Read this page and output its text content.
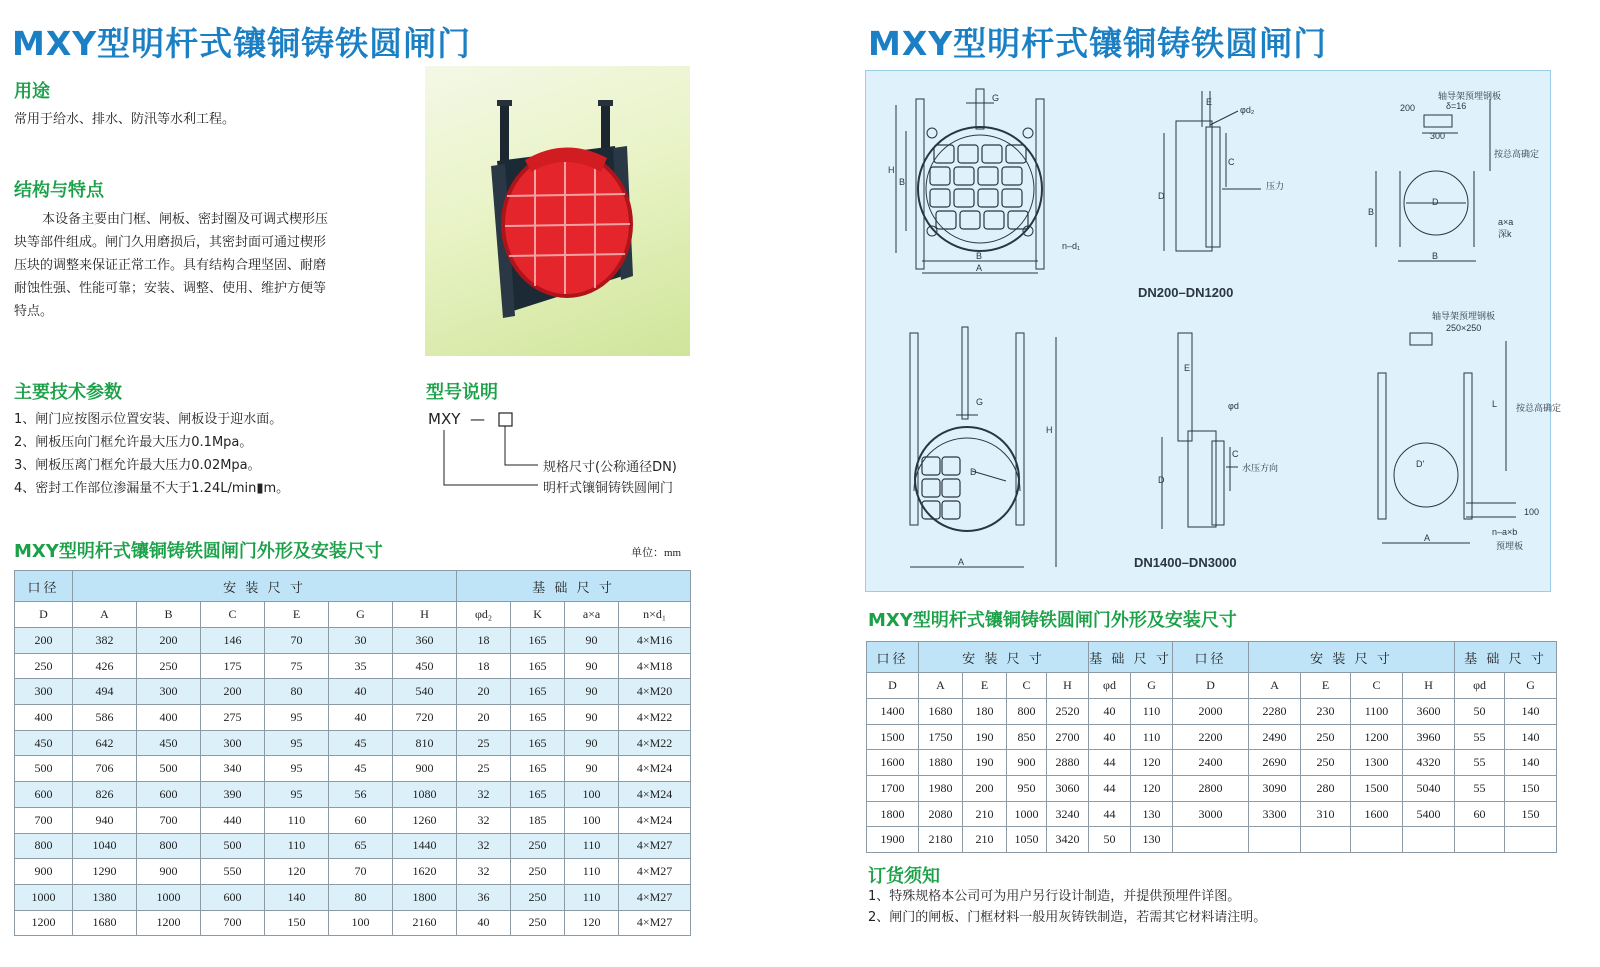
MXY型明杆式镶铜铸铁圆闸门
用途
常用于给水、排水、防汛等水利工程。
结构与特点
本设备主要由门框、闸板、密封圈及可调式楔形压
块等部件组成。闸门久用磨损后，其密封面可通过楔形
压块的调整来保证正常工作。具有结构合理坚固、耐磨
耐蚀性强、性能可靠；安装、调整、使用、维护方便等
特点。
主要技术参数
1、闸门应按图示位置安装、闸板设于迎水面。
2、闸板压向门框允许最大压力0.1Mpa。
3、闸板压离门框允许最大压力0.02Mpa。
4、密封工作部位渗漏量不大于1.24L/min▮m。
型号说明
MXY —
规格尺寸(公称通径DN)
明杆式镶铜铸铁圆闸门
MXY型明杆式镶铜铸铁圆闸门外形及安装尺寸	单位：mm
口径	安 装 尺 寸						基 础 尺 寸			
D	A	B	C	E	G	H	φd₂	K	a×a	n×d₁
200	382	200	146	70	30	360	18	165	90	4×M16
250	426	250	175	75	35	450	18	165	90	4×M18
300	494	300	200	80	40	540	20	165	90	4×M20
400	586	400	275	95	40	720	20	165	90	4×M22
450	642	450	300	95	45	810	25	165	90	4×M22
500	706	500	340	95	45	900	25	165	90	4×M24
600	826	600	390	95	56	1080	32	165	100	4×M24
700	940	700	440	110	60	1260	32	185	100	4×M24
800	1040	800	500	110	65	1440	32	250	110	4×M27
900	1290	900	550	120	70	1620	32	250	110	4×M27
1000	1380	1000	600	140	80	1800	36	250	110	4×M27
1200	1680	1200	700	150	100	2160	40	250	120	4×M27
MXY型明杆式镶铜铸铁圆闸门
G
H
B
B
A
n–d₁
DN200–DN1200
φd₂
E
D
C
压力
轴导架预埋钢板
δ=16
200
300
按总高确定
a×a
深k
D
B
B
G
H
D
A	DN1400–DN3000
φd
E
D
C
水压方向
轴导架预埋钢板
250×250
L 按总高确定
D'
100
n–a×b
预埋板
A
MXY型明杆式镶铜铸铁圆闸门外形及安装尺寸
口径	安 装 尺 寸				基 础 尺 寸		口径	安 装 尺 寸				基 础 尺 寸	
D	A	E	C	H	φd	G	D	A	E	C	H	φd	G
1400	1680	180	800	2520	40	110	2000	2280	230	1100	3600	50	140
1500	1750	190	850	2700	40	110	2200	2490	250	1200	3960	55	140
1600	1880	190	900	2880	44	120	2400	2690	250	1300	4320	55	140
1700	1980	200	950	3060	44	120	2800	3090	280	1500	5040	55	150
1800	2080	210	1000	3240	44	130	3000	3300	310	1600	5400	60	150
1900	2180	210	1050	3420	50	130							
订货须知
1、特殊规格本公司可为用户另行设计制造，并提供预埋件详图。
2、闸门的闸板、门框材料一般用灰铸铁制造，若需其它材料请注明。
